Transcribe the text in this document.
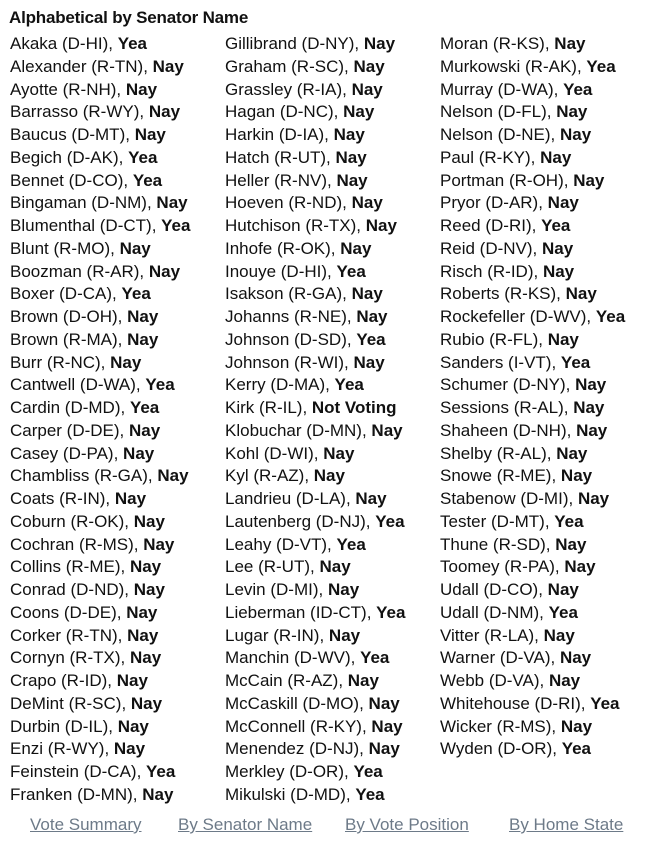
Alphabetical by Senator Name
Akaka (D-HI), Yea
Alexander (R-TN), Nay
Ayotte (R-NH), Nay
Barrasso (R-WY), Nay
Baucus (D-MT), Nay
Begich (D-AK), Yea
Bennet (D-CO), Yea
Bingaman (D-NM), Nay
Blumenthal (D-CT), Yea
Blunt (R-MO), Nay
Boozman (R-AR), Nay
Boxer (D-CA), Yea
Brown (D-OH), Nay
Brown (R-MA), Nay
Burr (R-NC), Nay
Cantwell (D-WA), Yea
Cardin (D-MD), Yea
Carper (D-DE), Nay
Casey (D-PA), Nay
Chambliss (R-GA), Nay
Coats (R-IN), Nay
Coburn (R-OK), Nay
Cochran (R-MS), Nay
Collins (R-ME), Nay
Conrad (D-ND), Nay
Coons (D-DE), Nay
Corker (R-TN), Nay
Cornyn (R-TX), Nay
Crapo (R-ID), Nay
DeMint (R-SC), Nay
Durbin (D-IL), Nay
Enzi (R-WY), Nay
Feinstein (D-CA), Yea
Franken (D-MN), Nay
Gillibrand (D-NY), Nay
Graham (R-SC), Nay
Grassley (R-IA), Nay
Hagan (D-NC), Nay
Harkin (D-IA), Nay
Hatch (R-UT), Nay
Heller (R-NV), Nay
Hoeven (R-ND), Nay
Hutchison (R-TX), Nay
Inhofe (R-OK), Nay
Inouye (D-HI), Yea
Isakson (R-GA), Nay
Johanns (R-NE), Nay
Johnson (D-SD), Yea
Johnson (R-WI), Nay
Kerry (D-MA), Yea
Kirk (R-IL), Not Voting
Klobuchar (D-MN), Nay
Kohl (D-WI), Nay
Kyl (R-AZ), Nay
Landrieu (D-LA), Nay
Lautenberg (D-NJ), Yea
Leahy (D-VT), Yea
Lee (R-UT), Nay
Levin (D-MI), Nay
Lieberman (ID-CT), Yea
Lugar (R-IN), Nay
Manchin (D-WV), Yea
McCain (R-AZ), Nay
McCaskill (D-MO), Nay
McConnell (R-KY), Nay
Menendez (D-NJ), Nay
Merkley (D-OR), Yea
Mikulski (D-MD), Yea
Moran (R-KS), Nay
Murkowski (R-AK), Yea
Murray (D-WA), Yea
Nelson (D-FL), Nay
Nelson (D-NE), Nay
Paul (R-KY), Nay
Portman (R-OH), Nay
Pryor (D-AR), Nay
Reed (D-RI), Yea
Reid (D-NV), Nay
Risch (R-ID), Nay
Roberts (R-KS), Nay
Rockefeller (D-WV), Yea
Rubio (R-FL), Nay
Sanders (I-VT), Yea
Schumer (D-NY), Nay
Sessions (R-AL), Nay
Shaheen (D-NH), Nay
Shelby (R-AL), Nay
Snowe (R-ME), Nay
Stabenow (D-MI), Nay
Tester (D-MT), Yea
Thune (R-SD), Nay
Toomey (R-PA), Nay
Udall (D-CO), Nay
Udall (D-NM), Yea
Vitter (R-LA), Nay
Warner (D-VA), Nay
Webb (D-VA), Nay
Whitehouse (D-RI), Yea
Wicker (R-MS), Nay
Wyden (D-OR), Yea
Vote Summary By Senator Name By Vote Position By Home State
